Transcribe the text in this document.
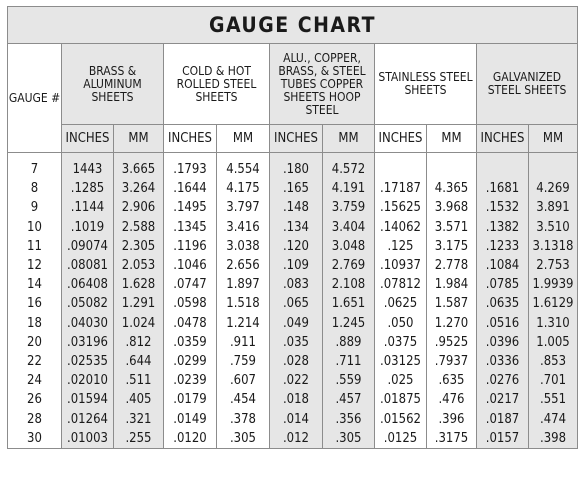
GAUGE CHART										
GAUGE #	BRASS & ALUMINUM SHEETS		COLD & HOT ROLLED STEEL SHEETS		ALU., COPPER, BRASS, & STEEL TUBES COPPER SHEETS HOOP STEEL		STAINLESS STEEL SHEETS		GALVANIZED STEEL SHEETS	
	INCHES	MM	INCHES	MM	INCHES	MM	INCHES	MM	INCHES	MM

7	1443	3.665	.1793	4.554	.180	4.572				
8	.1285	3.264	.1644	4.175	.165	4.191	.17187	4.365	.1681	4.269
9	.1144	2.906	.1495	3.797	.148	3.759	.15625	3.968	.1532	3.891
10	.1019	2.588	.1345	3.416	.134	3.404	.14062	3.571	.1382	3.510
11	.09074	2.305	.1196	3.038	.120	3.048	.125	3.175	.1233	3.1318
12	.08081	2.053	.1046	2.656	.109	2.769	.10937	2.778	.1084	2.753
14	.06408	1.628	.0747	1.897	.083	2.108	.07812	1.984	.0785	1.9939
16	.05082	1.291	.0598	1.518	.065	1.651	.0625	1.587	.0635	1.6129
18	.04030	1.024	.0478	1.214	.049	1.245	.050	1.270	.0516	1.310
20	.03196	.812	.0359	.911	.035	.889	.0375	.9525	.0396	1.005
22	.02535	.644	.0299	.759	.028	.711	.03125	.7937	.0336	.853
24	.02010	.511	.0239	.607	.022	.559	.025	.635	.0276	.701
26	.01594	.405	.0179	.454	.018	.457	.01875	.476	.0217	.551
28	.01264	.321	.0149	.378	.014	.356	.01562	.396	.0187	.474
30	.01003	.255	.0120	.305	.012	.305	.0125	.3175	.0157	.398
